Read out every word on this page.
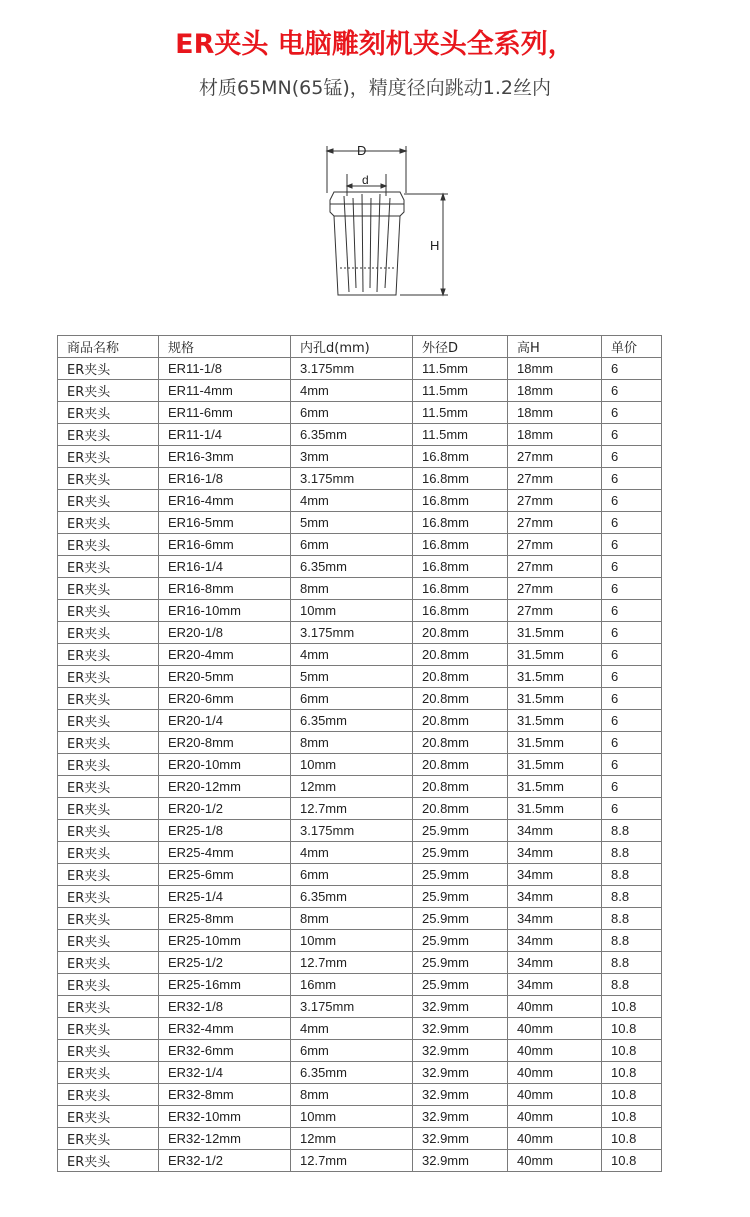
ER夹头 电脑雕刻机夹头全系列，
材质65MN(65锰)，精度径向跳动1.2丝内
D
d
H
商品名称	规格	内孔d(mm)	外径D	高H	单价
ER夹头	ER11-1/8	3.175mm	11.5mm	18mm	6
ER夹头	ER11-4mm	4mm	11.5mm	18mm	6
ER夹头	ER11-6mm	6mm	11.5mm	18mm	6
ER夹头	ER11-1/4	6.35mm	11.5mm	18mm	6
ER夹头	ER16-3mm	3mm	16.8mm	27mm	6
ER夹头	ER16-1/8	3.175mm	16.8mm	27mm	6
ER夹头	ER16-4mm	4mm	16.8mm	27mm	6
ER夹头	ER16-5mm	5mm	16.8mm	27mm	6
ER夹头	ER16-6mm	6mm	16.8mm	27mm	6
ER夹头	ER16-1/4	6.35mm	16.8mm	27mm	6
ER夹头	ER16-8mm	8mm	16.8mm	27mm	6
ER夹头	ER16-10mm	10mm	16.8mm	27mm	6
ER夹头	ER20-1/8	3.175mm	20.8mm	31.5mm	6
ER夹头	ER20-4mm	4mm	20.8mm	31.5mm	6
ER夹头	ER20-5mm	5mm	20.8mm	31.5mm	6
ER夹头	ER20-6mm	6mm	20.8mm	31.5mm	6
ER夹头	ER20-1/4	6.35mm	20.8mm	31.5mm	6
ER夹头	ER20-8mm	8mm	20.8mm	31.5mm	6
ER夹头	ER20-10mm	10mm	20.8mm	31.5mm	6
ER夹头	ER20-12mm	12mm	20.8mm	31.5mm	6
ER夹头	ER20-1/2	12.7mm	20.8mm	31.5mm	6
ER夹头	ER25-1/8	3.175mm	25.9mm	34mm	8.8
ER夹头	ER25-4mm	4mm	25.9mm	34mm	8.8
ER夹头	ER25-6mm	6mm	25.9mm	34mm	8.8
ER夹头	ER25-1/4	6.35mm	25.9mm	34mm	8.8
ER夹头	ER25-8mm	8mm	25.9mm	34mm	8.8
ER夹头	ER25-10mm	10mm	25.9mm	34mm	8.8
ER夹头	ER25-1/2	12.7mm	25.9mm	34mm	8.8
ER夹头	ER25-16mm	16mm	25.9mm	34mm	8.8
ER夹头	ER32-1/8	3.175mm	32.9mm	40mm	10.8
ER夹头	ER32-4mm	4mm	32.9mm	40mm	10.8
ER夹头	ER32-6mm	6mm	32.9mm	40mm	10.8
ER夹头	ER32-1/4	6.35mm	32.9mm	40mm	10.8
ER夹头	ER32-8mm	8mm	32.9mm	40mm	10.8
ER夹头	ER32-10mm	10mm	32.9mm	40mm	10.8
ER夹头	ER32-12mm	12mm	32.9mm	40mm	10.8
ER夹头	ER32-1/2	12.7mm	32.9mm	40mm	10.8
